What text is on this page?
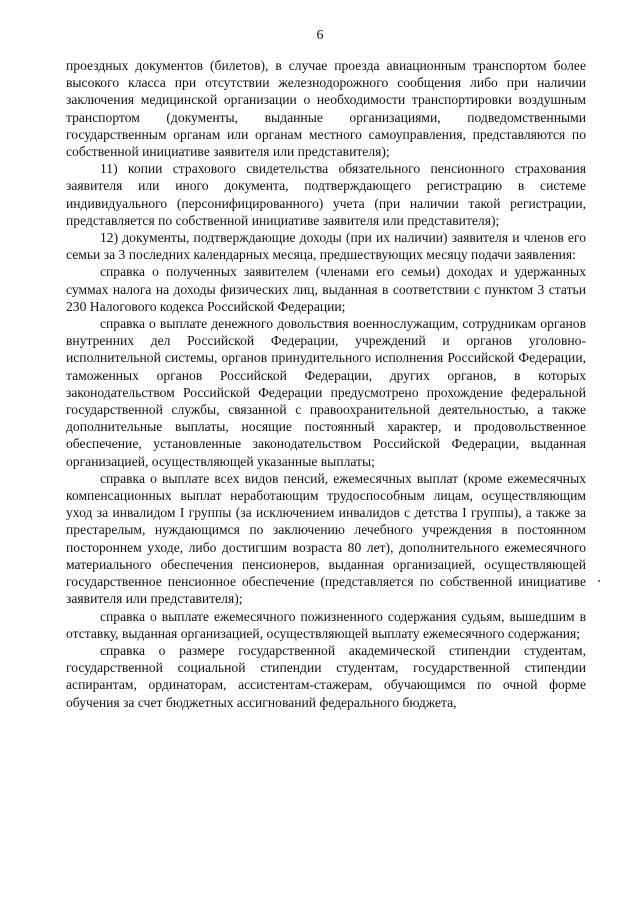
6

проездных документов (билетов), в случае проезда авиационным транспортом более высокого класса при отсутствии железнодорожного сообщения либо при наличии заключения медицинской организации о необходимости транспортировки воздушным транспортом (документы, выданные организациями, подведомственными государственным органам или органам местного самоуправления, представляются по собственной инициативе заявителя или представителя);

11) копии страхового свидетельства обязательного пенсионного страхования заявителя или иного документа, подтверждающего регистрацию в системе индивидуального (персонифицированного) учета (при наличии такой регистрации, представляется по собственной инициативе заявителя или представителя);

12) документы, подтверждающие доходы (при их наличии) заявителя и членов его семьи за 3 последних календарных месяца, предшествующих месяцу подачи заявления:

справка о полученных заявителем (членами его семьи) доходах и удержанных суммах налога на доходы физических лиц, выданная в соответствии с пунктом 3 статьи 230 Налогового кодекса Российской Федерации;

справка о выплате денежного довольствия военнослужащим, сотрудникам органов внутренних дел Российской Федерации, учреждений и органов уголовно-исполнительной системы, органов принудительного исполнения Российской Федерации, таможенных органов Российской Федерации, других органов, в которых законодательством Российской Федерации предусмотрено прохождение федеральной государственной службы, связанной с правоохранительной деятельностью, а также дополнительные выплаты, носящие постоянный характер, и продовольственное обеспечение, установленные законодательством Российской Федерации, выданная организацией, осуществляющей указанные выплаты;

справка о выплате всех видов пенсий, ежемесячных выплат (кроме ежемесячных компенсационных выплат неработающим трудоспособным лицам, осуществляющим уход за инвалидом I группы (за исключением инвалидов с детства I группы), а также за престарелым, нуждающимся по заключению лечебного учреждения в постоянном постороннем уходе, либо достигшим возраста 80 лет), дополнительного ежемесячного материального обеспечения пенсионеров, выданная организацией, осуществляющей государственное пенсионное обеспечение (представляется по собственной инициативе заявителя или представителя);

справка о выплате ежемесячного пожизненного содержания судьям, вышедшим в отставку, выданная организацией, осуществляющей выплату ежемесячного содержания;

справка о размере государственной академической стипендии студентам, государственной социальной стипендии студентам, государственной стипендии аспирантам, ординаторам, ассистентам-стажерам, обучающимся по очной форме обучения за счет бюджетных ассигнований федерального бюджета,
